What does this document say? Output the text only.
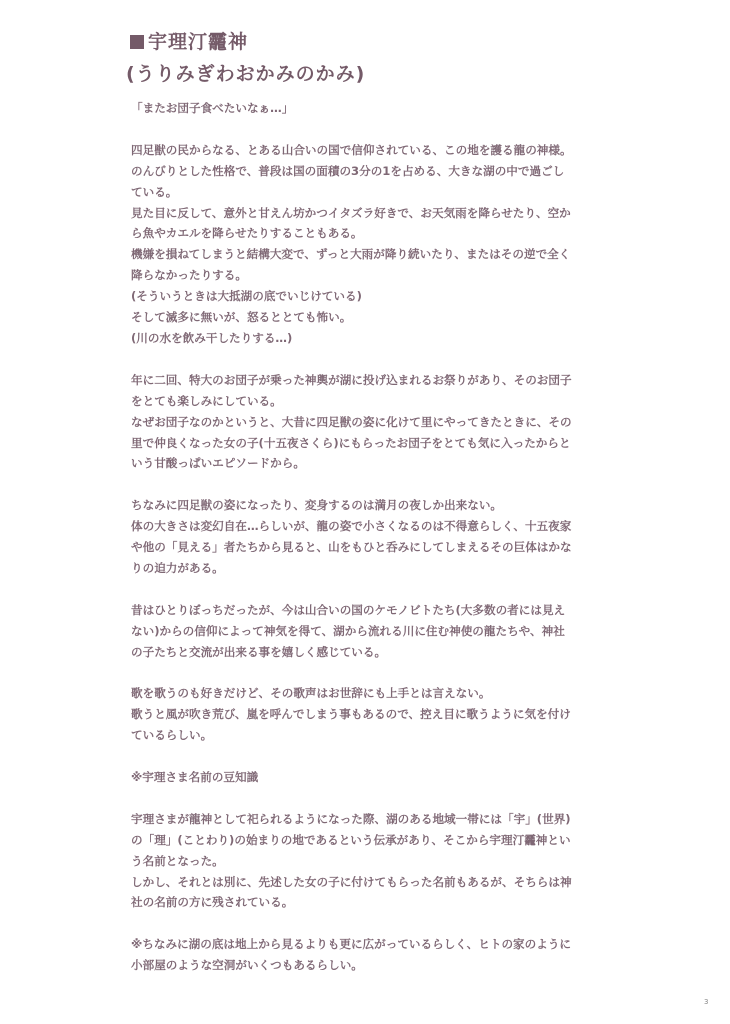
宇理汀龗神
(うりみぎわおかみのかみ)

「またお団子食べたいなぁ…」

四足獣の民からなる、とある山合いの国で信仰されている、この地を護る龍の神様。

のんびりとした性格で、普段は国の面積の3分の1を占める、大きな湖の中で過ごし

ている。

見た目に反して、意外と甘えん坊かつイタズラ好きで、お天気雨を降らせたり、空か

ら魚やカエルを降らせたりすることもある。

機嫌を損ねてしまうと結構大変で、ずっと大雨が降り続いたり、またはその逆で全く

降らなかったりする。

(そういうときは大抵湖の底でいじけている)

そして滅多に無いが、怒るととても怖い。

(川の水を飲み干したりする…)

年に二回、特大のお団子が乗った神輿が湖に投げ込まれるお祭りがあり、そのお団子

をとても楽しみにしている。

なぜお団子なのかというと、大昔に四足獣の姿に化けて里にやってきたときに、その

里で仲良くなった女の子(十五夜さくら)にもらったお団子をとても気に入ったからと

いう甘酸っぱいエピソードから。

ちなみに四足獣の姿になったり、変身するのは満月の夜しか出来ない。

体の大きさは変幻自在…らしいが、龍の姿で小さくなるのは不得意らしく、十五夜家

や他の「見える」者たちから見ると、山をもひと呑みにしてしまえるその巨体はかな

りの迫力がある。

昔はひとりぼっちだったが、今は山合いの国のケモノビトたち(大多数の者には見え

ない)からの信仰によって神気を得て、湖から流れる川に住む神使の龍たちや、神社

の子たちと交流が出来る事を嬉しく感じている。

歌を歌うのも好きだけど、その歌声はお世辞にも上手とは言えない。

歌うと風が吹き荒び、嵐を呼んでしまう事もあるので、控え目に歌うように気を付け

ているらしい。

※宇理さま名前の豆知識

宇理さまが龍神として祀られるようになった際、湖のある地域一帯には「宇」(世界)

の「理」(ことわり)の始まりの地であるという伝承があり、そこから宇理汀龗神とい

う名前となった。

しかし、それとは別に、先述した女の子に付けてもらった名前もあるが、そちらは神

社の名前の方に残されている。

※ちなみに湖の底は地上から見るよりも更に広がっているらしく、ヒトの家のように

小部屋のような空洞がいくつもあるらしい。

3
